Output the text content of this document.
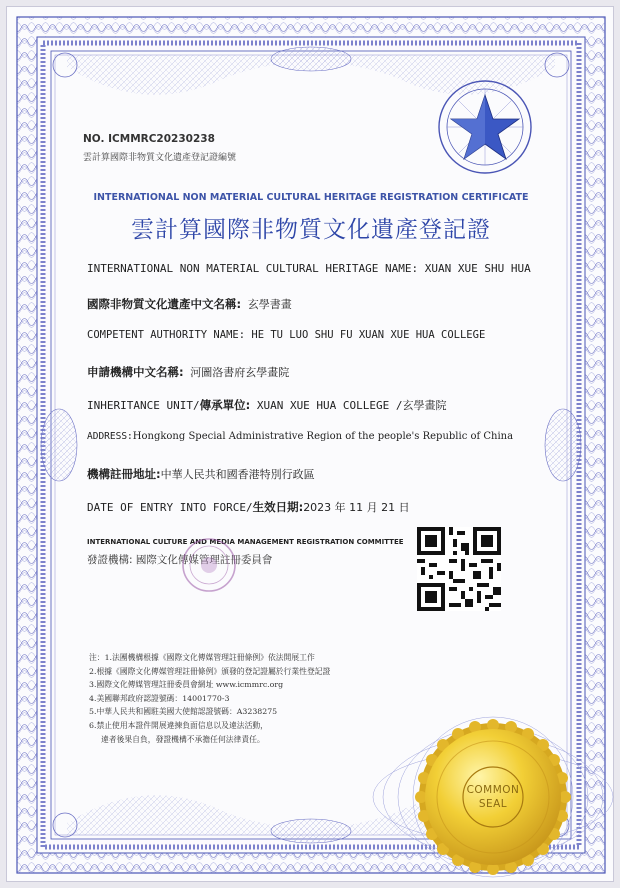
NO. ICMMRC20230238
雲計算國際非物質文化遺產登記證編號
INTERNATIONAL NON MATERIAL CULTURAL HERITAGE REGISTRATION CERTIFICATE
雲計算國際非物質文化遺產登記證
INTERNATIONAL NON MATERIAL CULTURAL HERITAGE NAME: XUAN XUE SHU HUA
國際非物質文化遺產中文名稱: 玄學書畫
COMPETENT AUTHORITY NAME: HE TU LUO SHU FU XUAN XUE HUA COLLEGE
申請機構中文名稱: 河圖洛書府玄學畫院
INHERITANCE UNIT/傳承單位: XUAN XUE HUA COLLEGE /玄學畫院
ADDRESS:Hongkong Special Administrative Region of the people's Republic of China
機構註冊地址:中華人民共和國香港特別行政區
DATE OF ENTRY INTO FORCE/生效日期:2023 年 11 月 21 日
INTERNATIONAL CULTURE AND MEDIA MANAGEMENT REGISTRATION COMMITTEE
發證機構: 國際文化傳媒管理註冊委員會
注：1.法團機構根據《國際文化傳媒管理註冊條例》依法開展工作
2.根據《國際文化傳媒管理註冊條例》頒發的登記證屬於行業性登記證
3.國際文化傳媒管理註冊委員會網址 www.icmmrc.org
4.美國聯邦政府認證號碼：14001770-3
5.中華人民共和國駐美國大使館認證號碼：A3238275
6.禁止使用本證件開展違揀負面信息以及違法活動，
違者後果自負，發證機構不承擔任何法律責任。
COMMON
SEAL
